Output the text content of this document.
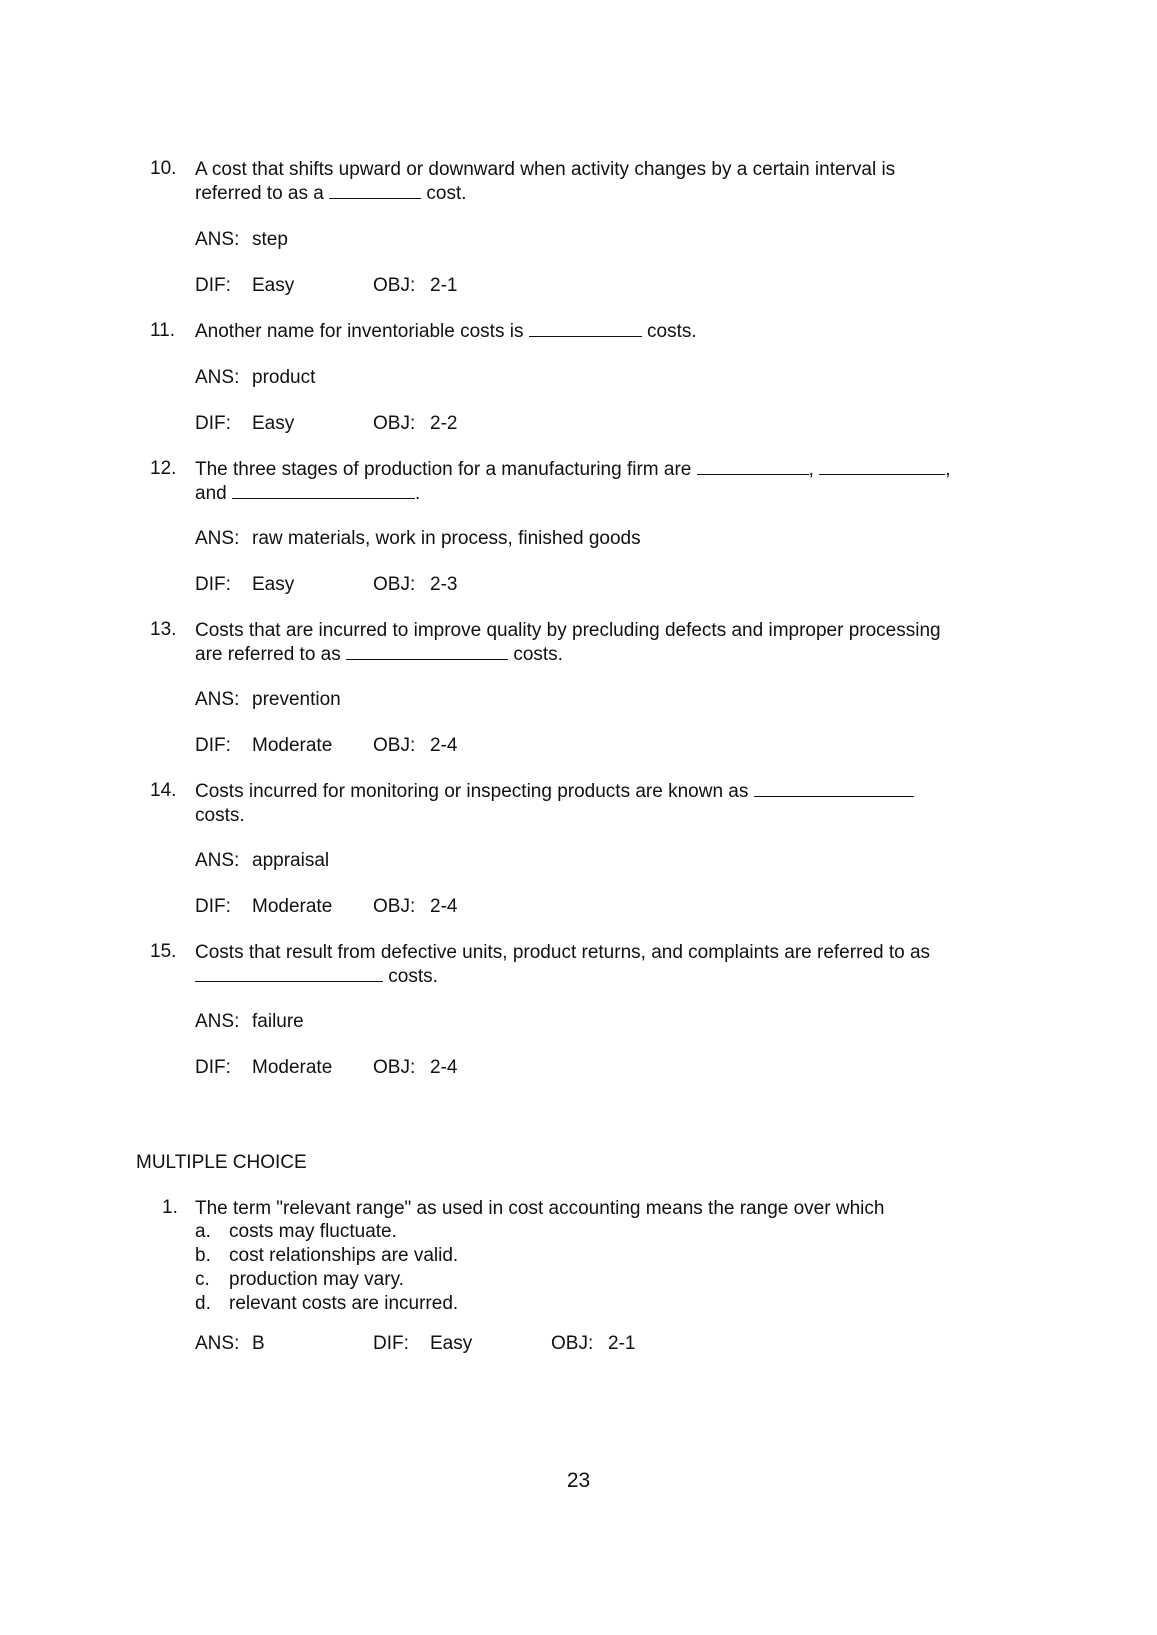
10. A cost that shifts upward or downward when activity changes by a certain interval is
referred to as a	cost.
ANS: step
DIF: Easy	OBJ: 2-1
11.	Another name for inventoriable costs is	costs.
ANS: product
DIF: Easy	OBJ: 2-2
12. The three stages of production for a manufacturing firm are	,	,
and	.
ANS: raw materials, work in process, finished goods
DIF: Easy	OBJ: 2-3
13. Costs that are incurred to improve quality by precluding defects and improper processing
are referred to as	costs.
ANS: prevention
DIF: Moderate OBJ: 2-4
14. Costs incurred for monitoring or inspecting products are known as
costs.
ANS: appraisal
DIF: Moderate OBJ: 2-4
15. Costs that result from defective units, product returns, and complaints are referred to as
costs.
ANS: failure
DIF: Moderate OBJ: 2-4
MULTIPLE CHOICE
1. The term "relevant range" as used in cost accounting means the range over which
a. costs may fluctuate.
b. cost relationships are valid.
c. production may vary.
d. relevant costs are incurred.
ANS: B	DIF: Easy	OBJ: 2-1
23
